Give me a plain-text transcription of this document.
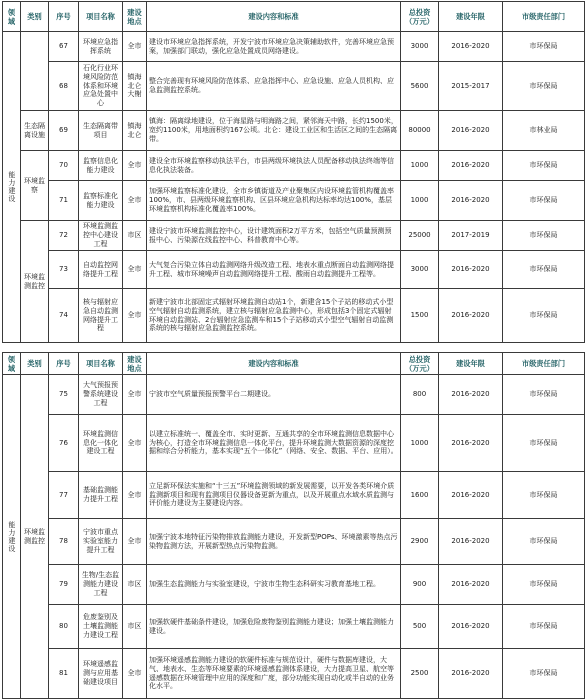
领域	类别	序号	项目名称	建设地点	建设内容和标准	总投资（万元）	建设年限	市级责任部门
能力建设		67	环境应急指挥系统	全市	建设市环境应急指挥系统，开发宁波市环境应急决策辅助软件，完善环境应急预案，加强部门联动，强化应急处置成员网络建设。	3000	2016-2020	市环保局
		68	石化行业环境风险防范体系和环境应急处置中心	镇海北仑大榭	整合完善现有环境风险防范体系、应急指挥中心、应急设施、应急人员机构、应急监测监控系统。	5600	2015-2017	市环保局
	生态隔离设施	69	生态隔离带项目	镇海北仑	镇海：隔离绿地建设，位于海星路与明海路之间，紧邻海天中路，长约1500米，宽约1100米，用地面积约167公顷。北仑：建设工业区和生活区之间的生态隔离带。	80000	2016-2020	市林业局
	环境监察	70	监察信息化能力建设	全市	建设全市环境监察移动执法平台，市县两级环境执法人员配备移动执法终端等信息化执法装备。	1000	2016-2020	市环保局
		71	监察标准化能力建设	全市	加强环境监察标准化建设，全市乡镇街道及产业聚集区内设环境监管机构覆盖率100%，市、县两级环境监察机构、区县环境应急机构达标率均达100%，基层环境监察机构标准化覆盖率100%。	1000	2016-2020	市环保局
	环境监测监控	72	环境监测监控中心建设工程	市区	建设宁波市环境监测监控中心，设计建筑面积2万平方米，包括空气质量预测预报中心、污染源在线监控中心、科普教育中心等。	25000	2017-2019	市环保局
		73	自动监控网络提升工程	全市	大气复合污染立体自动监测网络升级改造工程、地表水重点断面自动监测网络提升工程、城市环境噪声自动监测网络提升工程、酸雨自动监测提升工程等。	3000	2016-2020	市环保局
		74	核与辐射应急自动监测网络提升工程	全市	新建宁波市北部固定式辐射环境监测自动站1个，新建含15个子站的移动式小型空气辐射自动监测系统，建立核与辐射应急监测中心，形成包括3个固定式辐射环境自动监测站、2台辐射应急监测车和15个子站移动式小型空气辐射自动监测系统的核与辐射应急监测监控系统。	1500	2016-2020	市环保局
领域	类别	序号	项目名称	建设地点	建设内容和标准	总投资（万元）	建设年限	市级责任部门
能力建设	环境监测监控	75	大气预报预警系统建设工程	全市	宁波市空气质量预报预警平台二期建设。	800	2016-2020	市环保局
		76	环境监测信息化一体化建设工程	全市	以建立标准统一、覆盖全市、实时更新、互通共享的全市环境监测信息数据中心为核心，打造全市环境监测信息一体化平台，提升环境监测大数据资源的深度挖掘和综合分析能力，基本实现“五个一体化”（网络、安全、数据、平台、应用）。	1000	2016-2020	市环保局
		77	基础监测能力提升工程	全市	立足新环保法实施和“十三五”环境监测领域的新发展需要，以开发各类环境介质监测新项目和现有监测项目仪器设备更新为重点，以及开展重点水域水质监测与评价能力建设为主要建设内容。	1600	2016-2020	市环保局
		78	宁波市重点实验室能力提升工程	全市	加强宁波本地特征污染物排放监测能力建设，开发新型POPs、环境激素等热点污染物监测方法，开展新型热点污染物监测。	2900	2016-2020	市环保局
		79	生物/生态监测能力建设工程	市区	加强生态监测能力与实验室建设，宁波市生物生态科研实习教育基地工程。	900	2016-2020	市环保局
		80	危废鉴别及土壤监测能力建设工程	市区	加强软硬件基础条件建设，加强危险废物鉴别监测能力建设；加强土壤监测能力建设。	500	2016-2020	市环保局
		81	环境遥感监测与应用基础建设项目	全市	加强环境遥感监测能力建设的软硬件标准与规范设计，硬件与数据库建设，大气、地表水、生态等环境要素的环境遥感监测体系建设，大力提高卫星、航空等遥感数据在环境管理中应用的深度和广度，部分功能实现自动化或半自动的业务化水平。	2500	2016-2020	市环保局
